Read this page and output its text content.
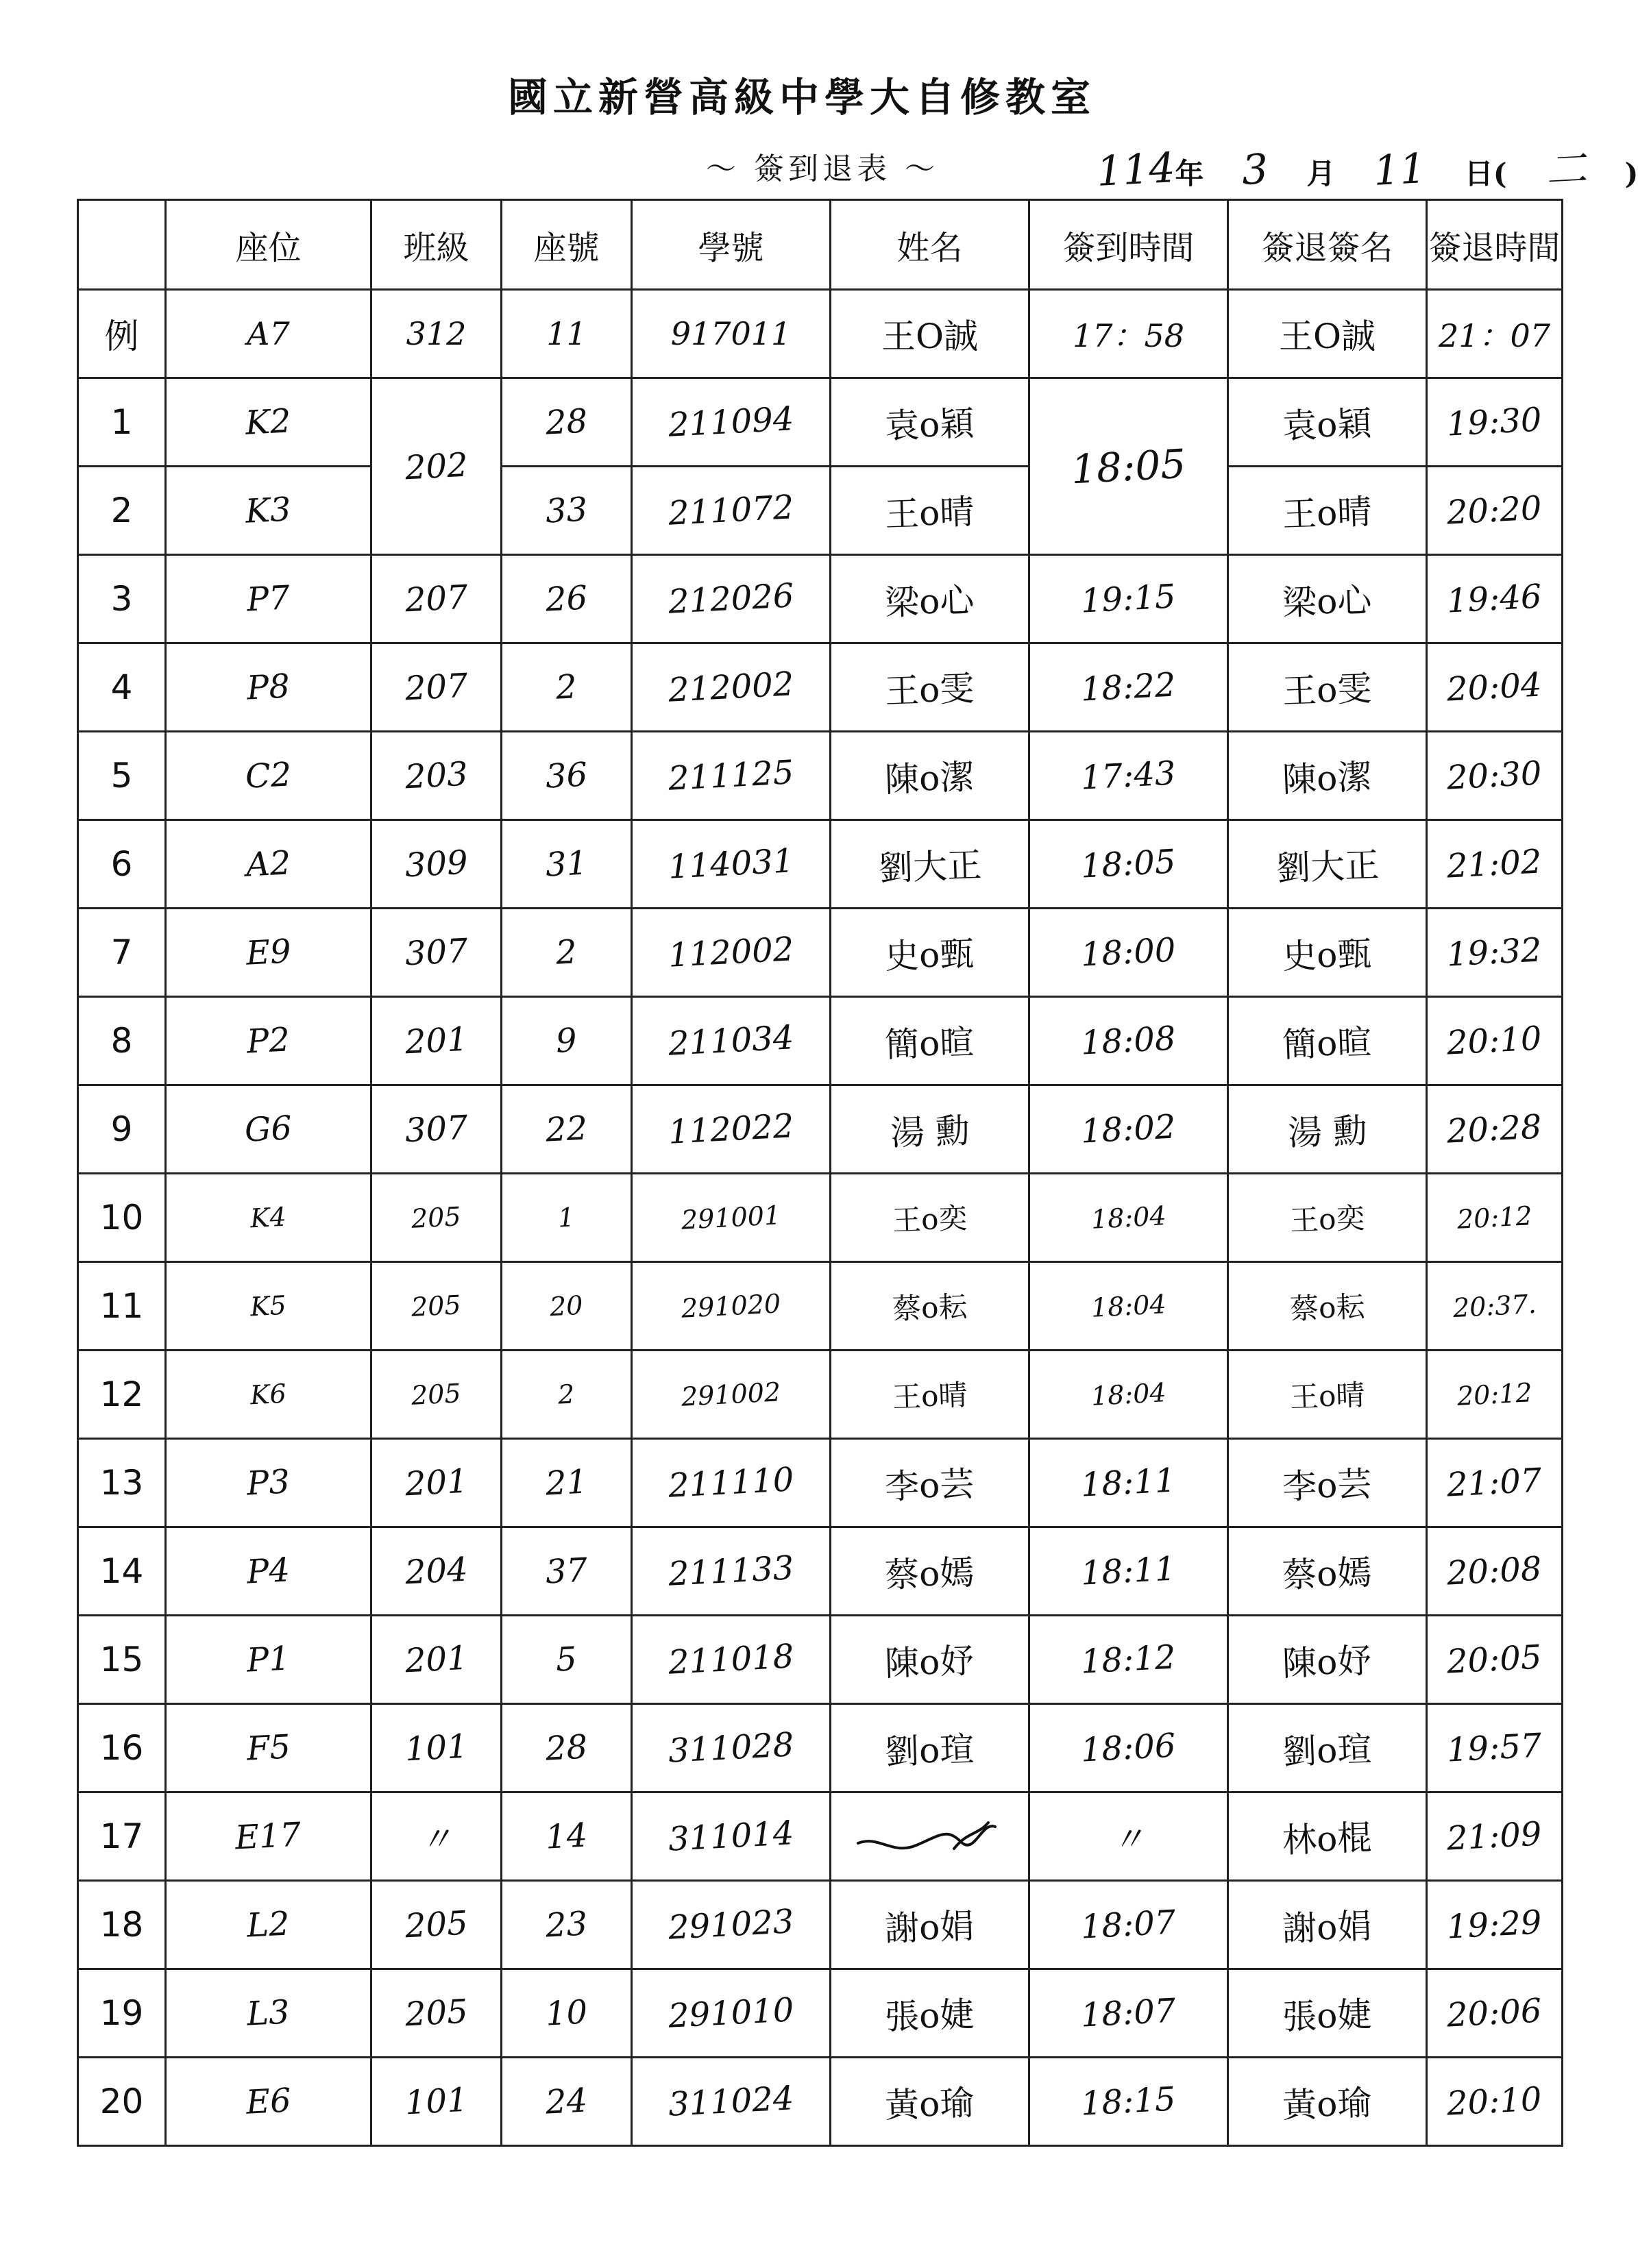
國立新營高級中學大自修教室
～ 簽到退表 ～	114年 3 月 11 日( 二 )
	座位	班級	座號	學號	姓名	簽到時間	簽退簽名	簽退時間
例	A7	312	11	917011	王O誠	17：58	王O誠	21：07
1	K2	202	28	211094	袁o穎	18:05	袁o穎	19:30
2	K3		33	211072	王o晴		王o晴	20:20
3	P7	207	26	212026	梁o心	19:15	梁o心	19:46
4	P8	207	2	212002	王o雯	18:22	王o雯	20:04
5	C2	203	36	211125	陳o潔	17:43	陳o潔	20:30
6	A2	309	31	114031	劉大正	18:05	劉大正	21:02
7	E9	307	2	112002	史o甄	18:00	史o甄	19:32
8	P2	201	9	211034	簡o暄	18:08	簡o暄	20:10
9	G6	307	22	112022	湯 勳	18:02	湯 勳	20:28
10	K4	205	1	291001	王o奕	18:04	王o奕	20:12
11	K5	205	20	291020	蔡o耘	18:04	蔡o耘	20:37.
12	K6	205	2	291002	王o晴	18:04	王o晴	20:12
13	P3	201	21	211110	李o芸	18:11	李o芸	21:07
14	P4	204	37	211133	蔡o嫣	18:11	蔡o嫣	20:08
15	P1	201	5	211018	陳o妤	18:12	陳o妤	20:05
16	F5	101	28	311028	劉o瑄	18:06	劉o瑄	19:57
17	E17	〃	14	311014		〃	林o棍	21:09
18	L2	205	23	291023	謝o娟	18:07	謝o娟	19:29
19	L3	205	10	291010	張o婕	18:07	張o婕	20:06
20	E6	101	24	311024	黃o瑜	18:15	黃o瑜	20:10
